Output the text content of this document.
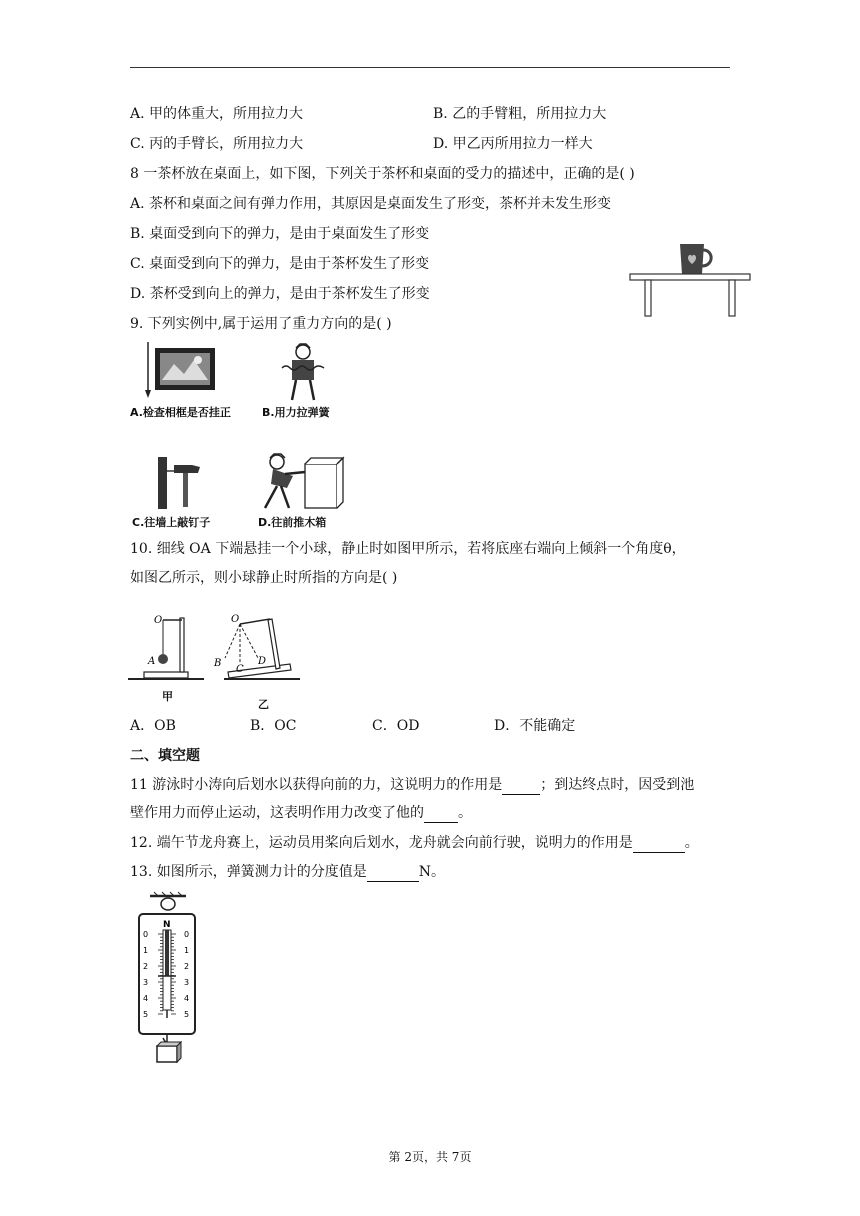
A. 甲的体重大，所用拉力大	B. 乙的手臂粗，所用拉力大
C. 丙的手臂长，所用拉力大	D. 甲乙丙所用拉力一样大
8 一茶杯放在桌面上，如下图，下列关于茶杯和桌面的受力的描述中，正确的是( )
A. 茶杯和桌面之间有弹力作用，其原因是桌面发生了形变，茶杯并未发生形变
B. 桌面受到向下的弹力，是由于桌面发生了形变
C. 桌面受到向下的弹力，是由于茶杯发生了形变
D. 茶杯受到向上的弹力，是由于茶杯发生了形变
9. 下列实例中,属于运用了重力方向的是( )
A.检查相框是否挂正	B.用力拉弹簧
C.往墙上敲钉子	D.往前推木箱
10. 细线 OA 下端悬挂一个小球，静止时如图甲所示，若将底座右端向上倾斜一个角度θ，
如图乙所示，则小球静止时所指的方向是( )
O
A
O
B
C
D
甲
乙
A．OB	B．OC	C．OD	D．不能确定
二、填空题
11 游泳时小涛向后划水以获得向前的力，这说明力的作用是	；到达终点时，因受到池
壁作用力而停止运动，这表明作用力改变了他的 。
12. 端午节龙舟赛上，运动员用桨向后划水，龙舟就会向前行驶，说明力的作用是	。
13. 如图所示，弹簧测力计的分度值是	N。
N
0	0
1	1
2	2
3	3
4	4
5	5
第 2页，共 7页
